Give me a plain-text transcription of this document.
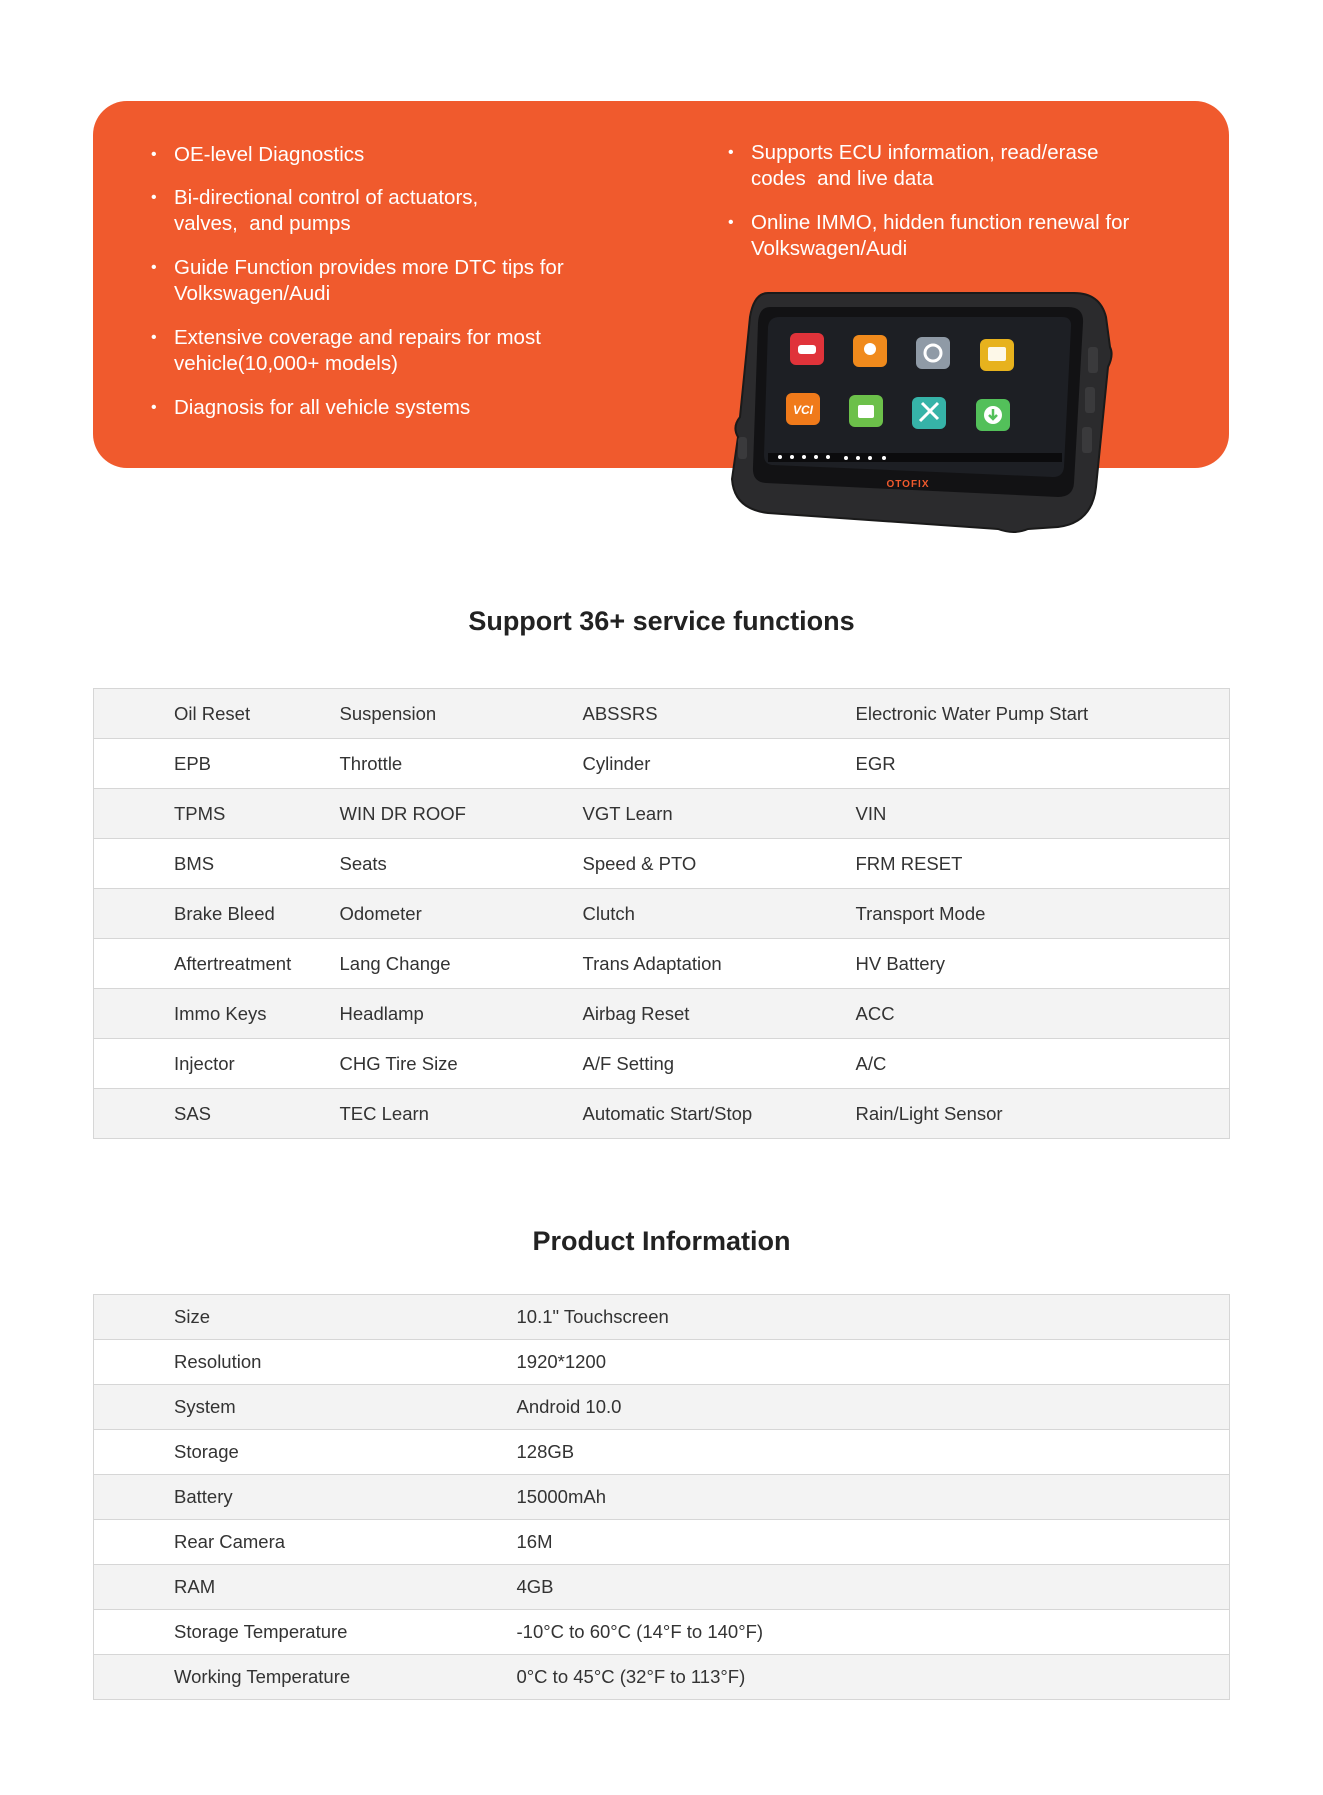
• OE-level Diagnostics
• Bi-directional control of actuators, valves,  and pumps
• Guide Function provides more DTC tips for Volkswagen/Audi
• Extensive coverage and repairs for most vehicle(10,000+ models)
• Diagnosis for all vehicle systems
• Supports ECU information, read/erase codes  and live data
• Online IMMO, hidden function renewal for Volkswagen/Audi
VCI
OTOFIX
Support 36+ service functions
Oil Reset	Suspension	ABSSRS	Electronic Water Pump Start
EPB	Throttle	Cylinder	EGR
TPMS	WIN DR ROOF	VGT Learn	VIN
BMS	Seats	Speed & PTO	FRM RESET
Brake Bleed	Odometer	Clutch	Transport Mode
Aftertreatment	Lang Change	Trans Adaptation	HV Battery
Immo Keys	Headlamp	Airbag Reset	ACC
Injector	CHG Tire Size	A/F Setting	A/C
SAS	TEC Learn	Automatic Start/Stop	Rain/Light Sensor
Product Information
Size	10.1" Touchscreen
Resolution	1920*1200
System	Android 10.0
Storage	128GB
Battery	15000mAh
Rear Camera	16M
RAM	4GB
Storage Temperature	-10°C to 60°C (14°F to 140°F)
Working Temperature	0°C to 45°C (32°F to 113°F)
